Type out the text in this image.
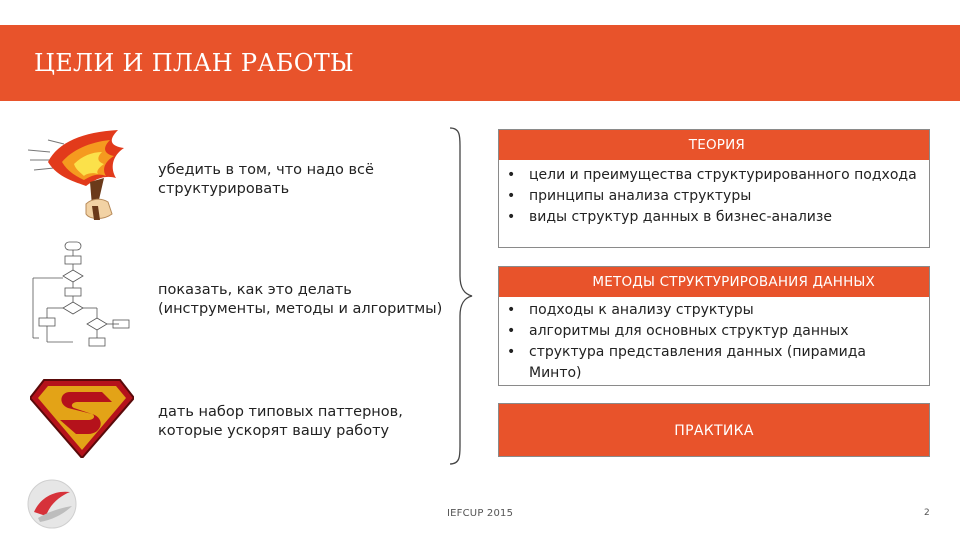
ЦЕЛИ И ПЛАН РАБОТЫ
убедить в том, что надо всё структурировать
показать, как это делать (инструменты, методы и алгоритмы)
дать набор типовых паттернов, которые ускорят вашу работу
ТЕОРИЯ
• цели и преимущества структурированного подхода
• принципы анализа структуры
• виды структур данных в бизнес-анализе
МЕТОДЫ СТРУКТУРИРОВАНИЯ ДАННЫХ
• подходы к анализу структуры
• алгоритмы для основных структур данных
• структура представления данных (пирамида Минто)
ПРАКТИКА
IEFCUP 2015	2
